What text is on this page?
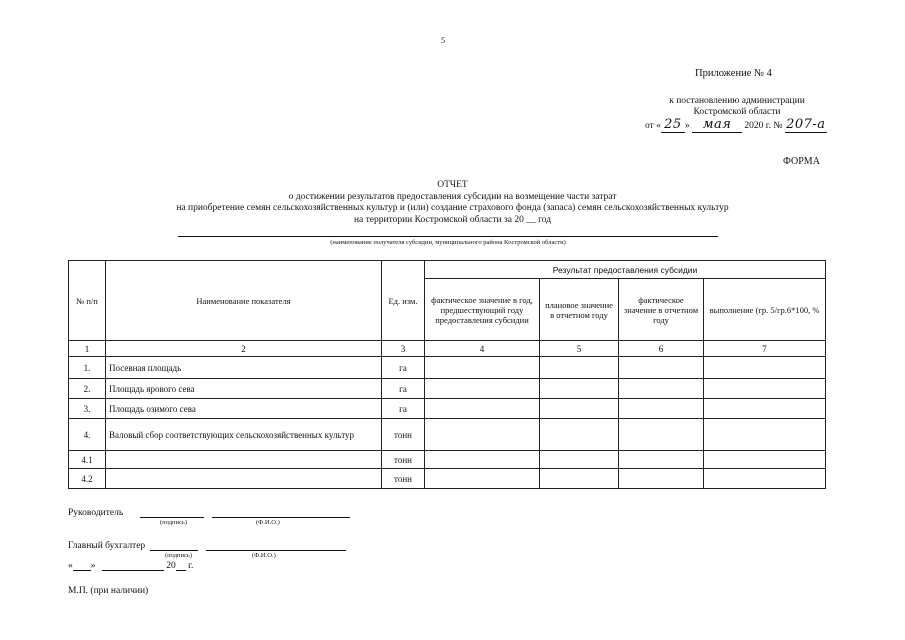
5
Приложение № 4
к постановлению администрации
Костромской области
от « 25 » мая 2020 г. № 207-а
ФОРМА
ОТЧЕТ
о достижении результатов предоставления субсидии на возмещение части затрат
на приобретение семян сельскохозяйственных культур и (или) создание страхового фонда (запаса) семян сельскохозяйственных культур
на территории Костромской области за 20 __ год
(наименование получателя субсидии, муниципального района Костромской области)
№ п/п	Наименование показателя	Ед. изм.	Результат предоставления субсидии			
			фактическое значение в год, предшествующий году предоставления субсидии	плановое значение в отчетном году	фактическое значение в отчетном году	выполнение (гр. 5/гр.6*100, %
1	2	3	4	5	6	7
1.	Посевная площадь	га				
2.	Площадь ярового сева	га				
3.	Площадь озимого сева	га				
4.	Валовый сбор соответствующих сельскохозяйственных культур	тонн				
4.1		тонн				
4.2		тонн				
Руководитель
(подпись)	(Ф.И.О.)
Главный бухгалтер
(подпись)	(Ф.И.О.)
« »	20 г.
М.П. (при наличии)
